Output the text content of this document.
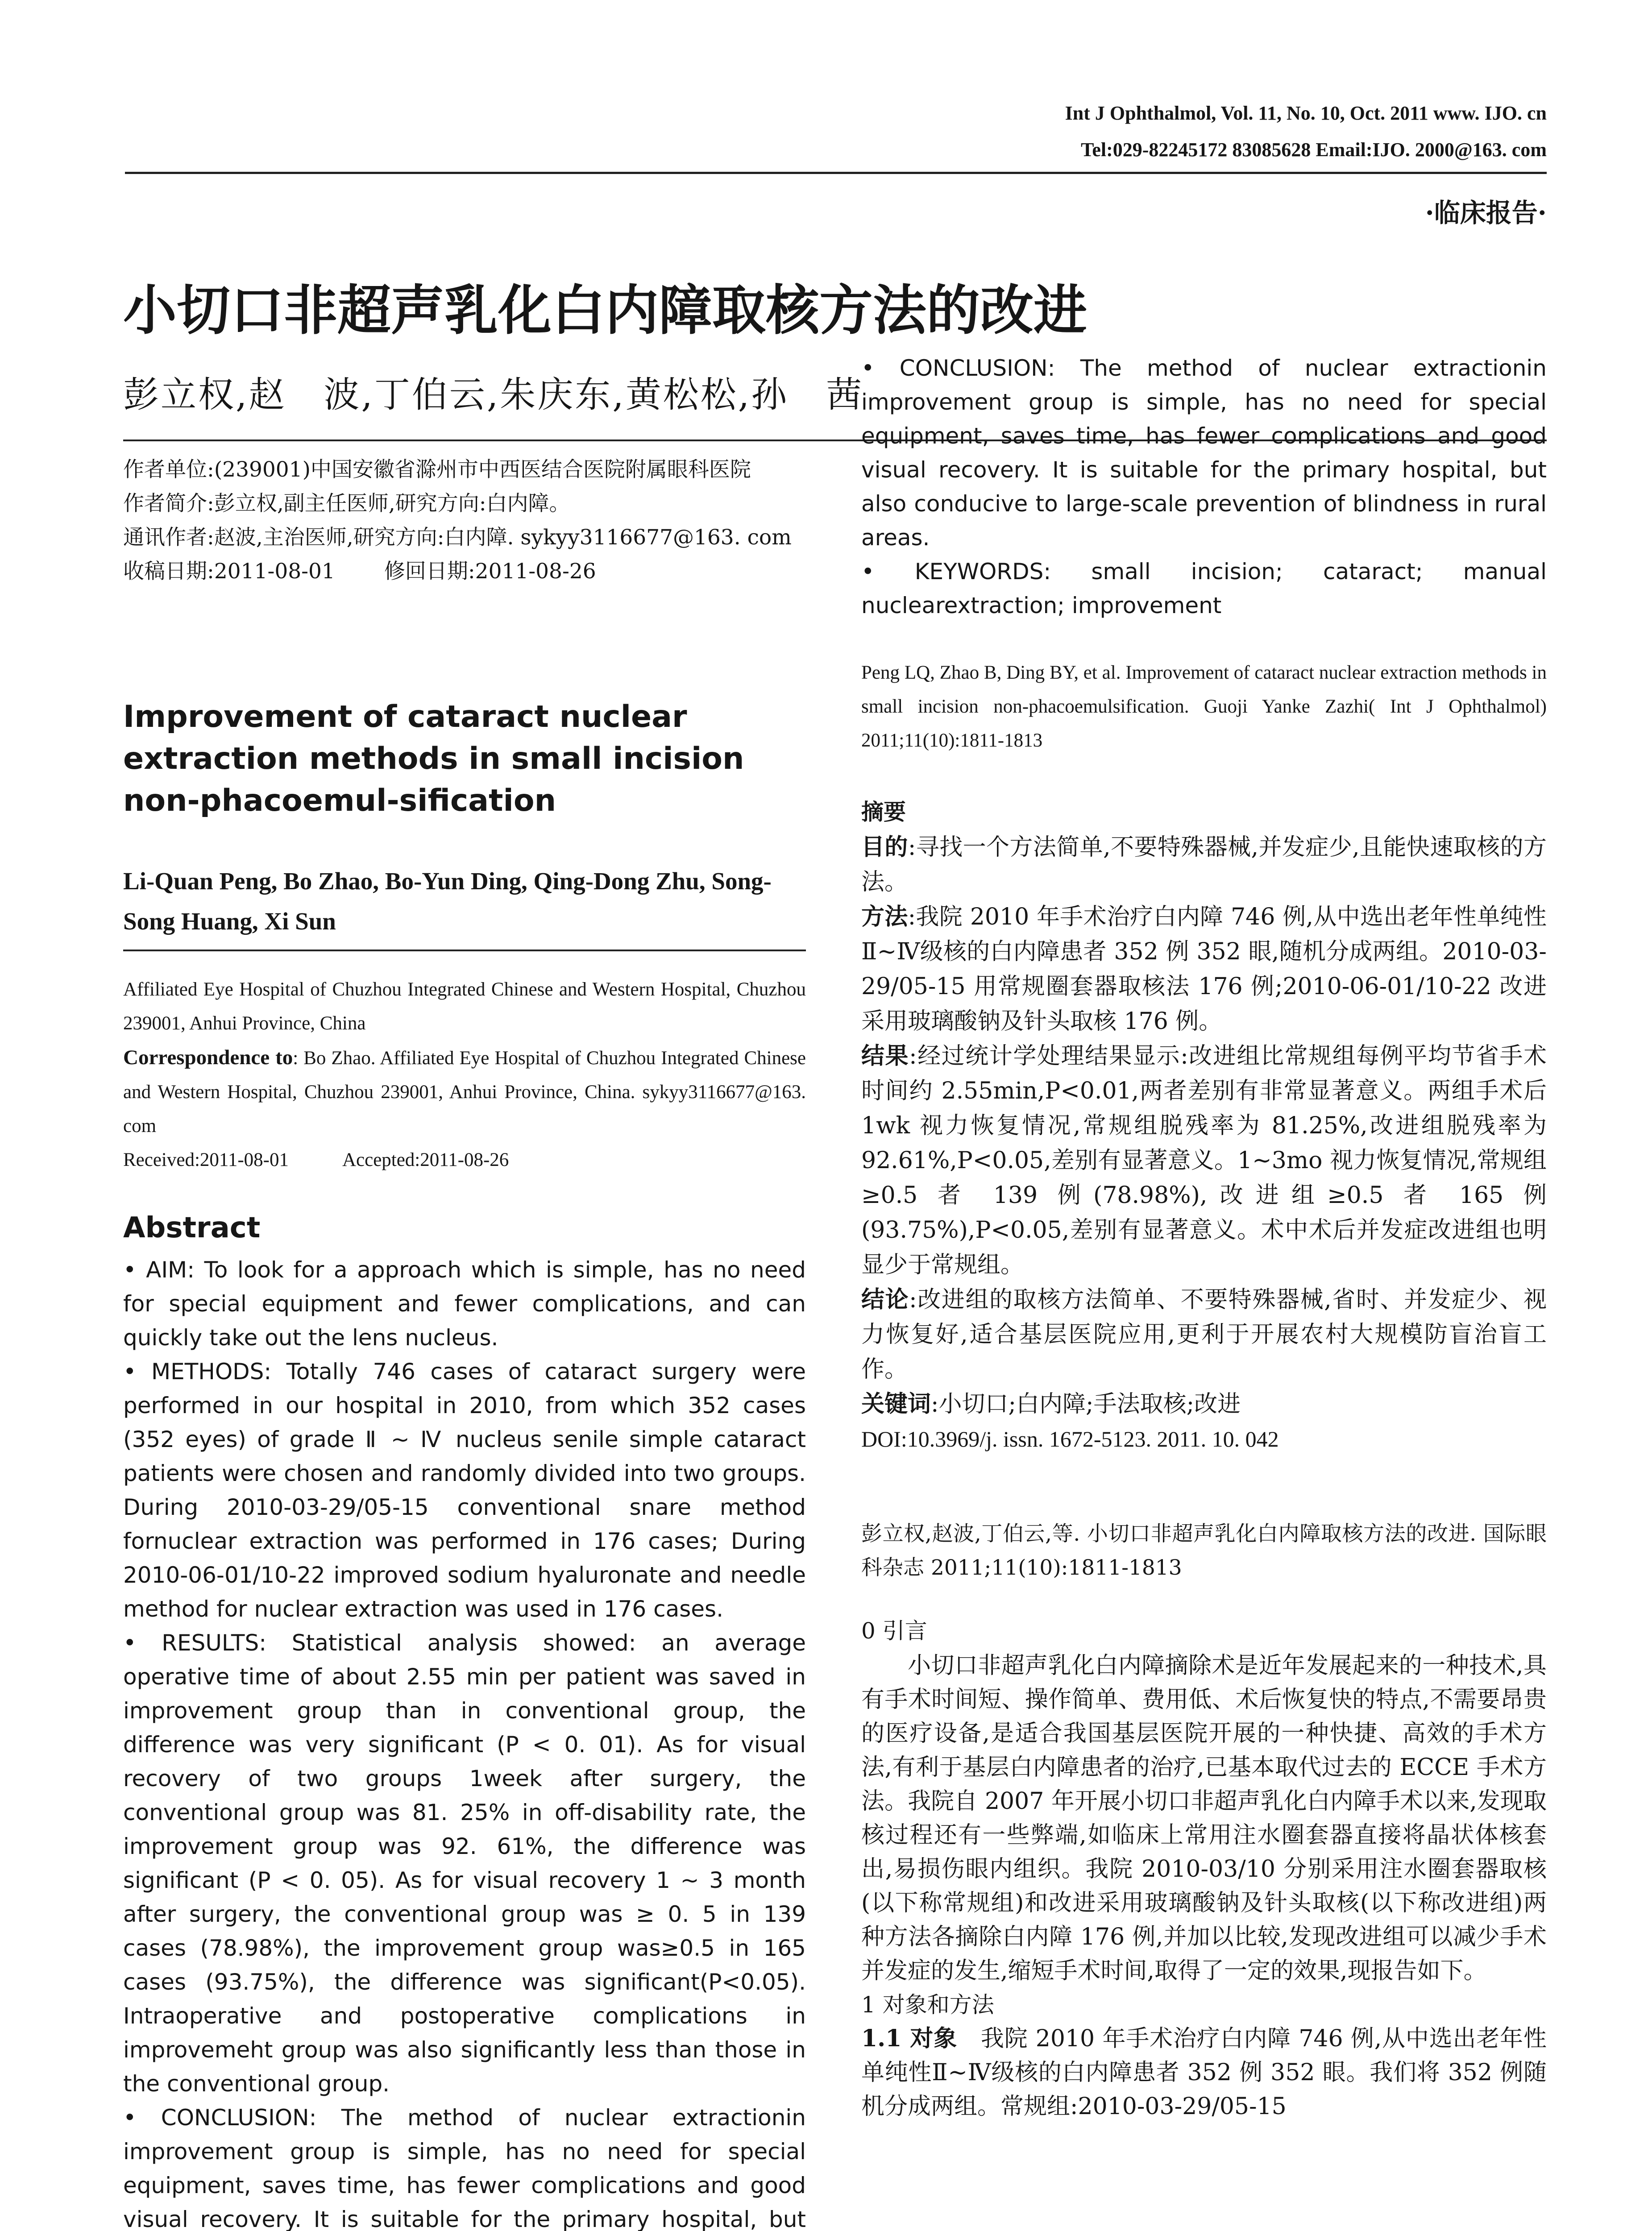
Int J Ophthalmol, Vol. 11, No. 10, Oct. 2011 www. IJO. cn
Tel:029-82245172 83085628 Email:IJO. 2000@163. com
·临床报告·
小切口非超声乳化白内障取核方法的改进
彭立权,赵　波,丁伯云,朱庆东,黄松松,孙　茜

作者单位:(239001)中国安徽省滁州市中西医结合医院附属眼科医院

作者简介:彭立权,副主任医师,研究方向:白内障。

通讯作者:赵波,主治医师,研究方向:白内障. sykyy3116677@163. com

收稿日期:2011-08-01 修回日期:2011-08-26

Improvement of cataract nuclear extraction methods in small incision non-phacoemul-sification
Li-Quan Peng, Bo Zhao, Bo-Yun Ding, Qing-Dong Zhu, Song-Song Huang, Xi Sun

Affiliated Eye Hospital of Chuzhou Integrated Chinese and Western Hospital, Chuzhou 239001, Anhui Province, China

Correspondence to: Bo Zhao. Affiliated Eye Hospital of Chuzhou Integrated Chinese and Western Hospital, Chuzhou 239001, Anhui Province, China. sykyy3116677@163. com

Received:2011-08-01	Accepted:2011-08-26

Abstract

• AIM: To look for a approach which is simple, has no need for special equipment and fewer complications, and can quickly take out the lens nucleus.

• METHODS: Totally 746 cases of cataract surgery were performed in our hospital in 2010, from which 352 cases (352 eyes) of grade Ⅱ ~ Ⅳ nucleus senile simple cataract patients were chosen and randomly divided into two groups. During 2010-03-29/05-15 conventional snare method fornuclear extraction was performed in 176 cases; During 2010-06-01/10-22 improved sodium hyaluronate and needle method for nuclear extraction was used in 176 cases.

• RESULTS: Statistical analysis showed: an average operative time of about 2.55 min per patient was saved in improvement group than in conventional group, the difference was very significant (P < 0. 01). As for visual recovery of two groups 1week after surgery, the conventional group was 81. 25% in off-disability rate, the improvement group was 92. 61%, the difference was significant (P < 0. 05). As for visual recovery 1 ~ 3 month after surgery, the conventional group was ≥ 0. 5 in 139 cases (78.98%), the improvement group was≥0.5 in 165 cases (93.75%), the difference was significant(P<0.05). Intraoperative and postoperative complications in improvemeht group was also significantly less than those in the conventional group.

• CONCLUSION: The method of nuclear extractionin improvement group is simple, has no need for special equipment, saves time, has fewer complications and good visual recovery. It is suitable for the primary hospital, but

• CONCLUSION: The method of nuclear extractionin improvement group is simple, has no need for special equipment, saves time, has fewer complications and good visual recovery. It is suitable for the primary hospital, but also conducive to large-scale prevention of blindness in rural areas.

• KEYWORDS: small incision; cataract; manual nuclearextraction; improvement

Peng LQ, Zhao B, Ding BY, et al. Improvement of cataract nuclear extraction methods in small incision non-phacoemulsification. Guoji Yanke Zazhi( Int J Ophthalmol) 2011;11(10):1811-1813

摘要

目的:寻找一个方法简单,不要特殊器械,并发症少,且能快速取核的方法。

方法:我院 2010 年手术治疗白内障 746 例,从中选出老年性单纯性Ⅱ~Ⅳ级核的白内障患者 352 例 352 眼,随机分成两组。2010-03-29/05-15 用常规圈套器取核法 176 例;2010-06-01/10-22 改进采用玻璃酸钠及针头取核 176 例。

结果:经过统计学处理结果显示:改进组比常规组每例平均节省手术时间约 2.55min,P<0.01,两者差别有非常显著意义。两组手术后 1wk 视力恢复情况,常规组脱残率为 81.25%,改进组脱残率为 92.61%,P<0.05,差别有显著意义。1~3mo 视力恢复情况,常规组≥0.5 者 139 例(78.98%),改进组≥0.5 者 165 例(93.75%),P<0.05,差别有显著意义。术中术后并发症改进组也明显少于常规组。

结论:改进组的取核方法简单、不要特殊器械,省时、并发症少、视力恢复好,适合基层医院应用,更利于开展农村大规模防盲治盲工作。

关键词:小切口;白内障;手法取核;改进

DOI:10.3969/j. issn. 1672-5123. 2011. 10. 042

彭立权,赵波,丁伯云,等. 小切口非超声乳化白内障取核方法的改进. 国际眼科杂志 2011;11(10):1811-1813

0 引言

小切口非超声乳化白内障摘除术是近年发展起来的一种技术,具有手术时间短、操作简单、费用低、术后恢复快的特点,不需要昂贵的医疗设备,是适合我国基层医院开展的一种快捷、高效的手术方法,有利于基层白内障患者的治疗,已基本取代过去的 ECCE 手术方法。我院自 2007 年开展小切口非超声乳化白内障手术以来,发现取核过程还有一些弊端,如临床上常用注水圈套器直接将晶状体核套出,易损伤眼内组织。我院 2010-03/10 分别采用注水圈套器取核(以下称常规组)和改进采用玻璃酸钠及针头取核(以下称改进组)两种方法各摘除白内障 176 例,并加以比较,发现改进组可以减少手术并发症的发生,缩短手术时间,取得了一定的效果,现报告如下。

1 对象和方法

1.1 对象 我院 2010 年手术治疗白内障 746 例,从中选出老年性单纯性Ⅱ~Ⅳ级核的白内障患者 352 例 352 眼。我们将 352 例随机分成两组。常规组:2010-03-29/05-15
